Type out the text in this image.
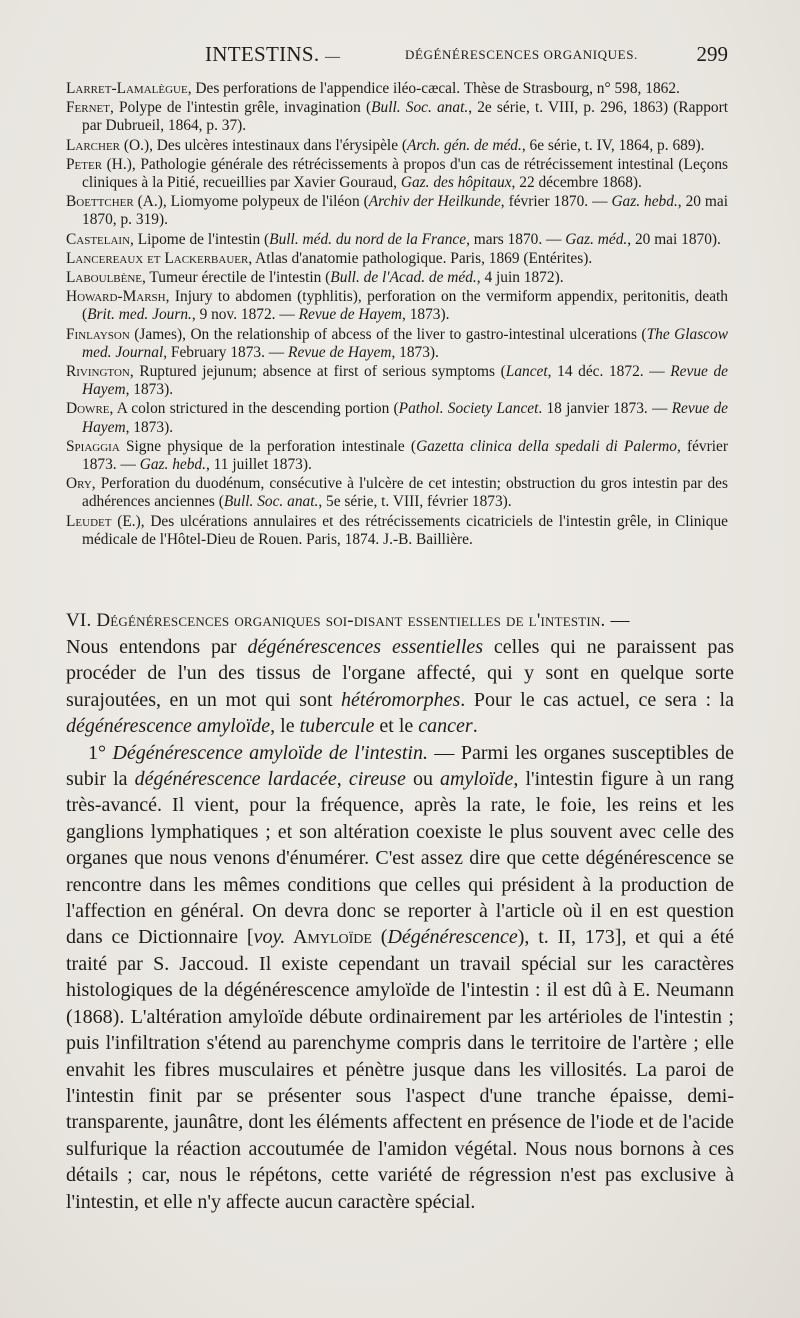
INTESTINS. —	DÉGÉNÉRESCENCES ORGANIQUES.	299

Larret-Lamalègue, Des perforations de l'appendice iléo-cæcal. Thèse de Strasbourg, n° 598, 1862.

Fernet, Polype de l'intestin grêle, invagination (Bull. Soc. anat., 2e série, t. VIII, p. 296, 1863) (Rapport par Dubrueil, 1864, p. 37).

Larcher (O.), Des ulcères intestinaux dans l'érysipèle (Arch. gén. de méd., 6e série, t. IV, 1864, p. 689).

Peter (H.), Pathologie générale des rétrécissements à propos d'un cas de rétrécissement intestinal (Leçons cliniques à la Pitié, recueillies par Xavier Gouraud, Gaz. des hôpitaux, 22 décembre 1868).

Boettcher (A.), Liomyome polypeux de l'iléon (Archiv der Heilkunde, février 1870. — Gaz. hebd., 20 mai 1870, p. 319).

Castelain, Lipome de l'intestin (Bull. méd. du nord de la France, mars 1870. — Gaz. méd., 20 mai 1870).

Lancereaux et Lackerbauer, Atlas d'anatomie pathologique. Paris, 1869 (Entérites).

Laboulbène, Tumeur érectile de l'intestin (Bull. de l'Acad. de méd., 4 juin 1872).

Howard-Marsh, Injury to abdomen (typhlitis), perforation on the vermiform appendix, peritonitis, death (Brit. med. Journ., 9 nov. 1872. — Revue de Hayem, 1873).

Finlayson (James), On the relationship of abcess of the liver to gastro-intestinal ulcerations (The Glascow med. Journal, February 1873. — Revue de Hayem, 1873).

Rivington, Ruptured jejunum; absence at first of serious symptoms (Lancet, 14 déc. 1872. — Revue de Hayem, 1873).

Dowre, A colon strictured in the descending portion (Pathol. Society Lancet. 18 janvier 1873. — Revue de Hayem, 1873).

Spiaggia Signe physique de la perforation intestinale (Gazetta clinica della spedali di Palermo, février 1873. — Gaz. hebd., 11 juillet 1873).

Ory, Perforation du duodénum, consécutive à l'ulcère de cet intestin; obstruction du gros intestin par des adhérences anciennes (Bull. Soc. anat., 5e série, t. VIII, février 1873).

Leudet (E.), Des ulcérations annulaires et des rétrécissements cicatriciels de l'intestin grêle, in Clinique médicale de l'Hôtel-Dieu de Rouen. Paris, 1874. J.-B. Baillière.

VI. Dégénérescences organiques soi-disant essentielles de l'intestin. —

Nous entendons par dégénérescences essentielles celles qui ne paraissent pas procéder de l'un des tissus de l'organe affecté, qui y sont en quelque sorte surajoutées, en un mot qui sont hétéromorphes. Pour le cas actuel, ce sera : la dégénérescence amyloïde, le tubercule et le cancer.

1° Dégénérescence amyloïde de l'intestin. — Parmi les organes susceptibles de subir la dégénérescence lardacée, cireuse ou amyloïde, l'intestin figure à un rang très-avancé. Il vient, pour la fréquence, après la rate, le foie, les reins et les ganglions lymphatiques ; et son altération coexiste le plus souvent avec celle des organes que nous venons d'énumérer. C'est assez dire que cette dégénérescence se rencontre dans les mêmes conditions que celles qui président à la production de l'affection en général. On devra donc se reporter à l'article où il en est question dans ce Dictionnaire [voy. Amyloïde (Dégénérescence), t. II, 173], et qui a été traité par S. Jaccoud. Il existe cependant un travail spécial sur les caractères histologiques de la dégénérescence amyloïde de l'intestin : il est dû à E. Neumann (1868). L'altération amyloïde débute ordinairement par les artérioles de l'intestin ; puis l'infiltration s'étend au parenchyme compris dans le territoire de l'artère ; elle envahit les fibres musculaires et pénètre jusque dans les villosités. La paroi de l'intestin finit par se présenter sous l'aspect d'une tranche épaisse, demi-transparente, jaunâtre, dont les éléments affectent en présence de l'iode et de l'acide sulfurique la réaction accoutumée de l'amidon végétal. Nous nous bornons à ces détails ; car, nous le répétons, cette variété de régression n'est pas exclusive à l'intestin, et elle n'y affecte aucun caractère spécial.
